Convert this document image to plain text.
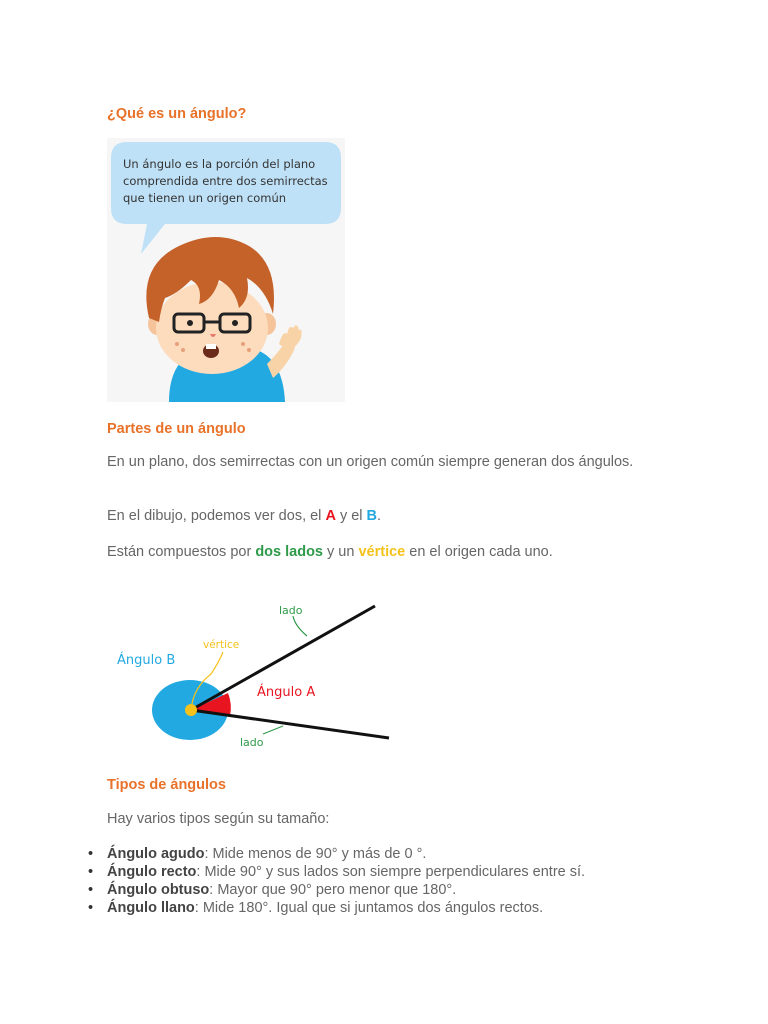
¿Qué es un ángulo?
Un ángulo es la porción del plano
comprendida entre dos semirrectas
que tienen un origen común
Partes de un ángulo

En un plano, dos semirrectas con un origen común siempre generan dos ángulos.

En el dibujo, podemos ver dos, el A y el B.

Están compuestos por dos lados y un vértice en el origen cada uno.

lado
vértice
Ángulo B
Ángulo A
lado
Tipos de ángulos

Hay varios tipos según su tamaño:

• Ángulo agudo: Mide menos de 90° y más de 0 °.
• Ángulo recto: Mide 90° y sus lados son siempre perpendiculares entre sí.
• Ángulo obtuso: Mayor que 90° pero menor que 180°.
• Ángulo llano: Mide 180°. Igual que si juntamos dos ángulos rectos.
